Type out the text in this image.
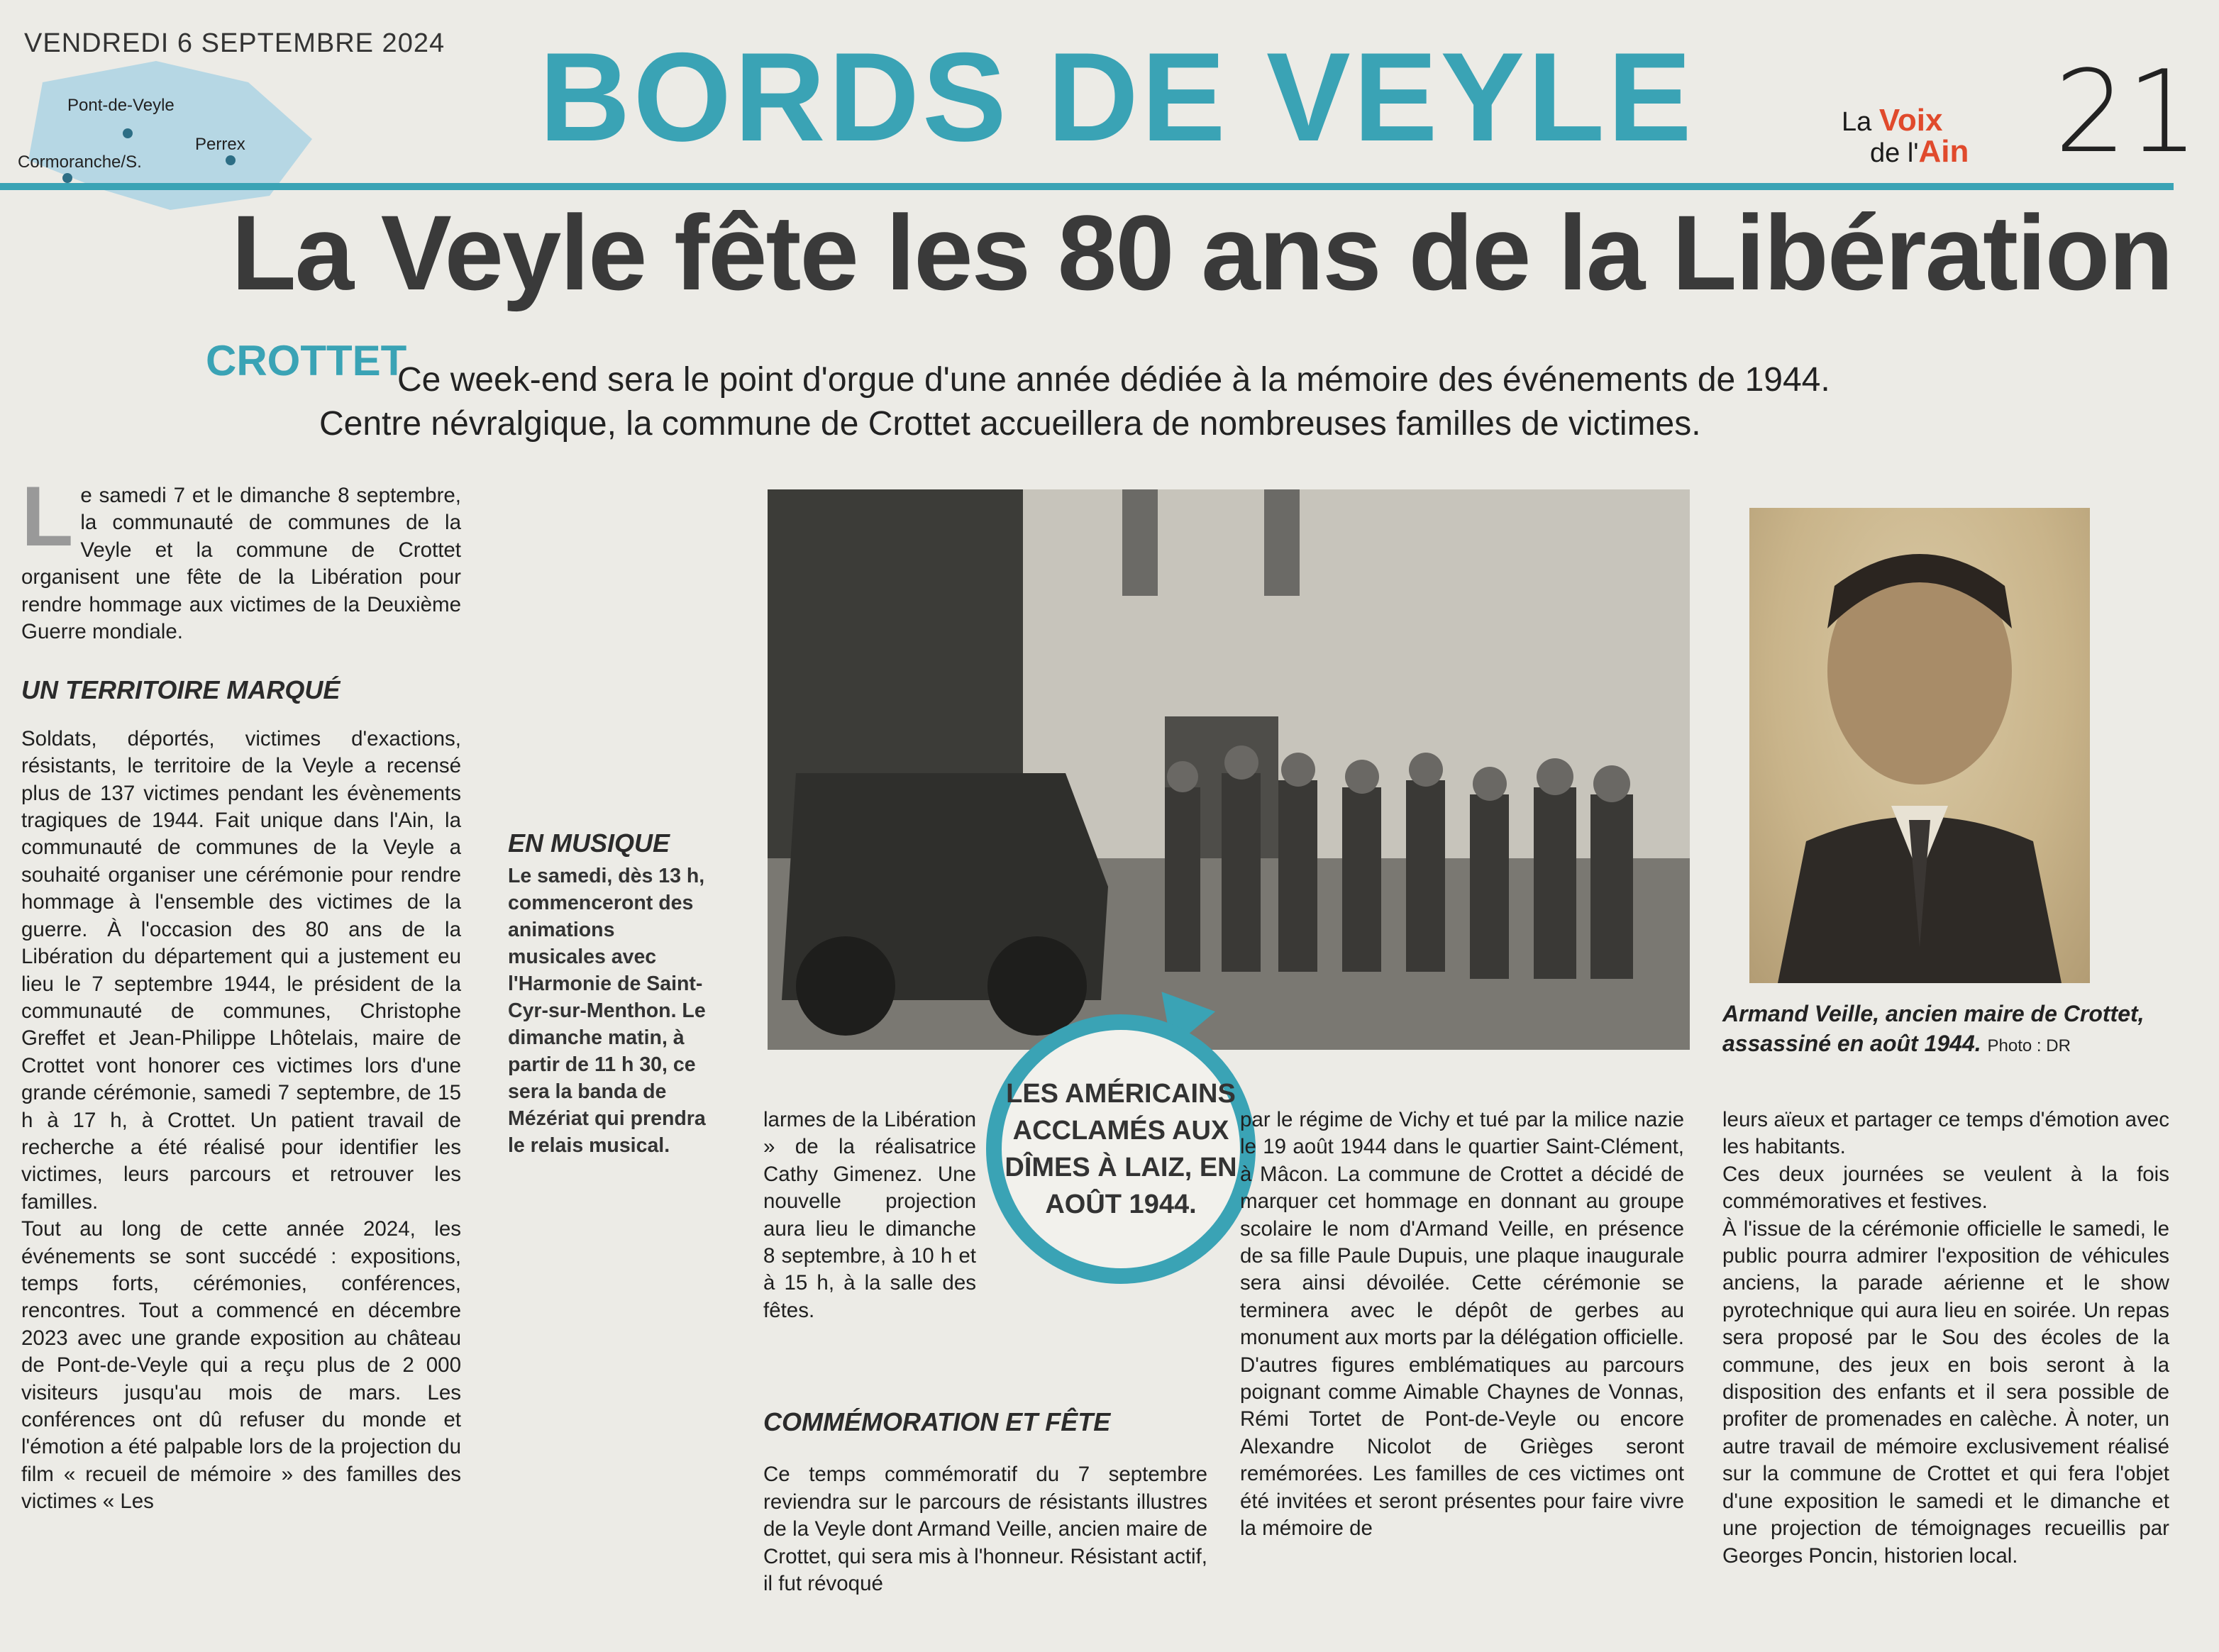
VENDREDI 6 SEPTEMBRE 2024
Pont-de-Veyle
Perrex
Cormoranche/S.	BORDS DE VEYLE	La Voix
de l'Ain 21
La Veyle fête les 80 ans de la Libération
CROTTET
Ce week-end sera le point d'orgue d'une année dédiée à la mémoire des événements de 1944.
Centre névralgique, la commune de Crottet accueillera de nombreuses familles de victimes.

Le samedi 7 et le dimanche 8 septembre, la communauté de communes de la Veyle et la commune de Crottet organisent une fête de la Libération pour rendre hommage aux victimes de la Deuxième Guerre mondiale.

UN TERRITOIRE MARQUÉ

Soldats, déportés, victimes d'exactions, résistants, le territoire de la Veyle a recensé plus de 137 victimes pendant les évènements tragiques de 1944. Fait unique dans l'Ain, la communauté de communes de la Veyle a souhaité organiser une cérémonie pour rendre hommage à l'ensemble des victimes de la guerre. À l'occasion des 80 ans de la Libération du département qui a justement eu lieu le 7 septembre 1944, le président de la communauté de communes, Christophe Greffet et Jean-Philippe Lhôtelais, maire de Crottet vont honorer ces victimes lors d'une grande cérémonie, samedi 7 septembre, de 15 h à 17 h, à Crottet. Un patient travail de recherche a été réalisé pour identifier les victimes, leurs parcours et retrouver les familles.

Tout au long de cette année 2024, les événements se sont succédé : expositions, temps forts, cérémonies, conférences, rencontres. Tout a commencé en décembre 2023 avec une grande exposition au château de Pont-de-Veyle qui a reçu plus de 2 000 visiteurs jusqu'au mois de mars. Les conférences ont dû refuser du monde et l'émotion a été palpable lors de la projection du film « recueil de mémoire » des familles des victimes « Les

EN MUSIQUE

Le samedi, dès 13 h, commenceront des animations musicales avec l'Harmonie de Saint-Cyr-sur-Menthon. Le dimanche matin, à partir de 11 h 30, ce sera la banda de Mézériat qui prendra le relais musical.

LES AMÉRICAINS ACCLAMÉS AUX DÎMES À LAIZ, EN AOÛT 1944.

larmes de la Libération » de la réalisatrice Cathy Gimenez. Une nouvelle projection aura lieu le dimanche 8 septembre, à 10 h et à 15 h, à la salle des fêtes.

COMMÉMORATION ET FÊTE

Ce temps commémoratif du 7 septembre reviendra sur le parcours de résistants illustres de la Veyle dont Armand Veille, ancien maire de Crottet, qui sera mis à l'honneur. Résistant actif, il fut révoqué

par le régime de Vichy et tué par la milice nazie le 19 août 1944 dans le quartier Saint-Clément, à Mâcon. La commune de Crottet a décidé de marquer cet hommage en donnant au groupe scolaire le nom d'Armand Veille, en présence de sa fille Paule Dupuis, une plaque inaugurale sera ainsi dévoilée. Cette cérémonie se terminera avec le dépôt de gerbes au monument aux morts par la délégation officielle. D'autres figures emblématiques au parcours poignant comme Aimable Chaynes de Vonnas, Rémi Tortet de Pont-de-Veyle ou encore Alexandre Nicolot de Grièges seront remémorées. Les familles de ces victimes ont été invitées et seront présentes pour faire vivre la mémoire de

Armand Veille, ancien maire de Crottet, assassiné en août 1944. Photo : DR

leurs aïeux et partager ce temps d'émotion avec les habitants.

Ces deux journées se veulent à la fois commémoratives et festives.

À l'issue de la cérémonie officielle le samedi, le public pourra admirer l'exposition de véhicules anciens, la parade aérienne et le show pyrotechnique qui aura lieu en soirée. Un repas sera proposé par le Sou des écoles de la commune, des jeux en bois seront à la disposition des enfants et il sera possible de profiter de promenades en calèche. À noter, un autre travail de mémoire exclusivement réalisé sur la commune de Crottet et qui fera l'objet d'une exposition le samedi et le dimanche et une projection de témoignages recueillis par Georges Poncin, historien local.
